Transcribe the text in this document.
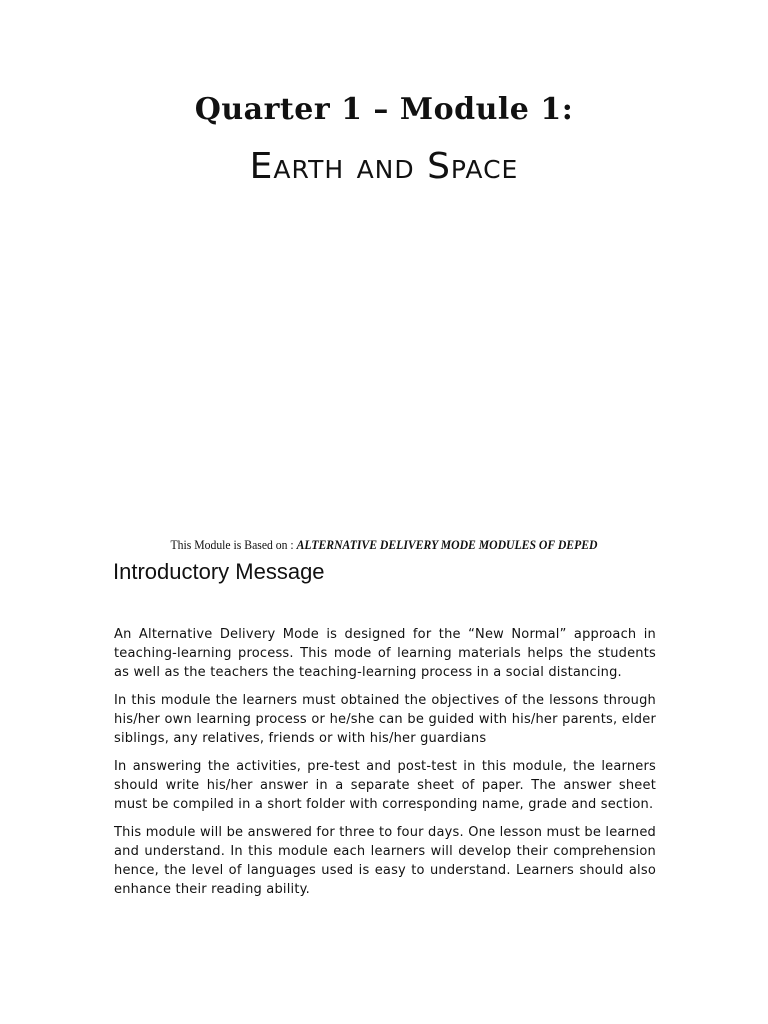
Quarter 1 – Module 1:
Earth and Space
This Module is Based on : ALTERNATIVE DELIVERY MODE MODULES OF DEPED
Introductory Message

An Alternative Delivery Mode is designed for the “New Normal” approach in teaching-learning process. This mode of learning materials helps the students as well as the teachers the teaching-learning process in a social distancing.

In this module the learners must obtained the objectives of the lessons through his/her own learning process or he/she can be guided with his/her parents, elder siblings, any relatives, friends or with his/her guardians

In answering the activities, pre-test and post-test in this module, the learners should write his/her answer in a separate sheet of paper. The answer sheet must be compiled in a short folder with corresponding name, grade and section.

This module will be answered for three to four days. One lesson must be learned and understand. In this module each learners will develop their comprehension hence, the level of languages used is easy to understand. Learners should also enhance their reading ability.
